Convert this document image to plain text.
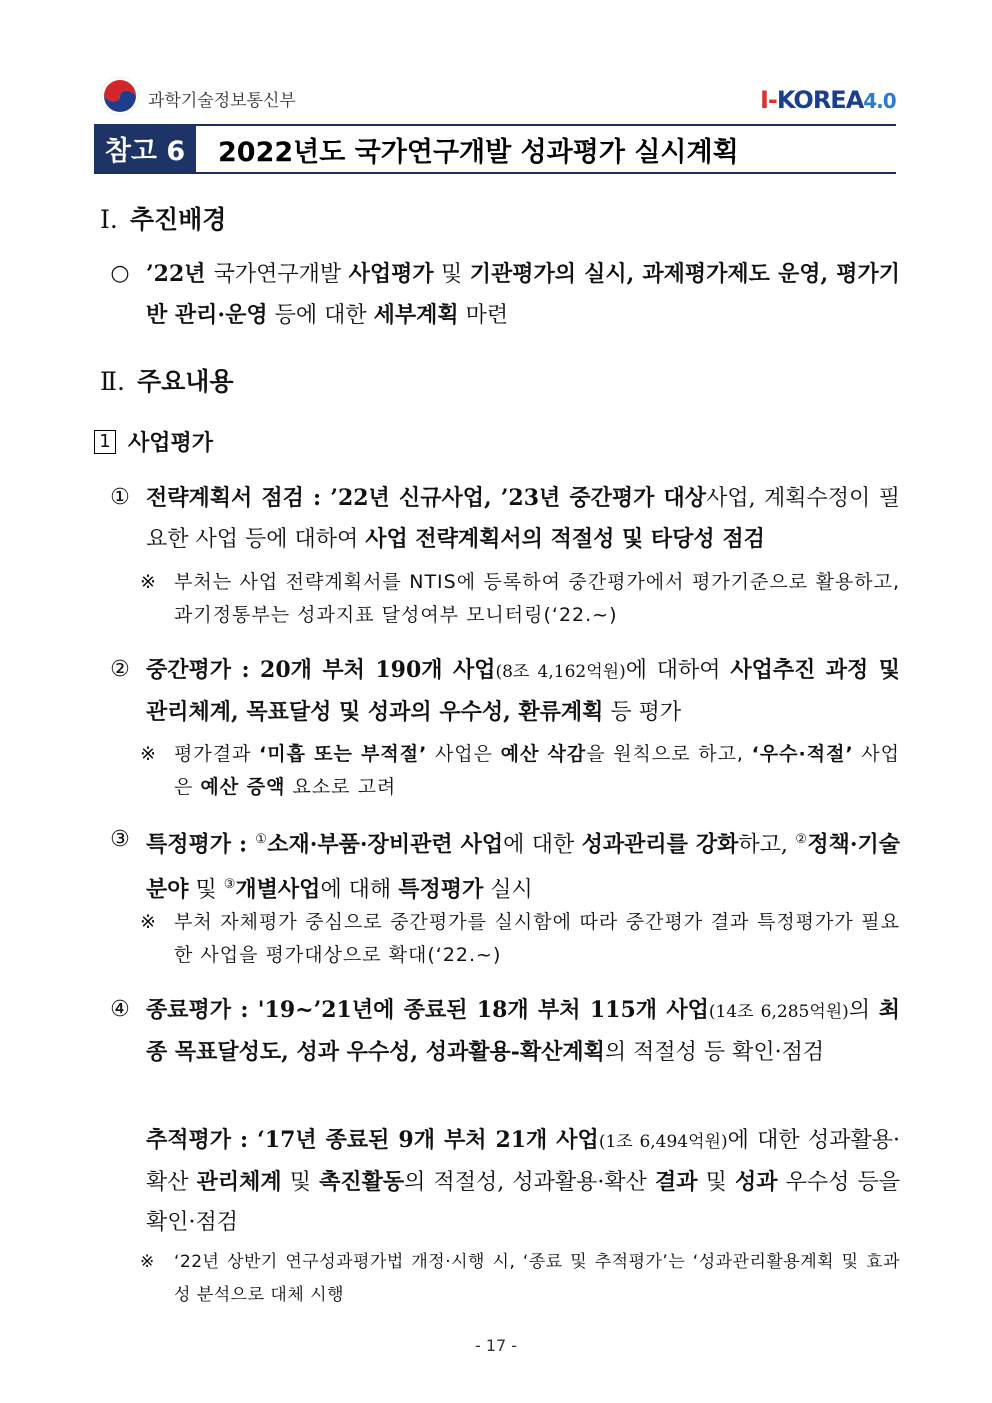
과학기술정보통신부	I-KOREA4.0
참고 6	2022년도 국가연구개발 성과평가 실시계획
Ⅰ. 추진배경
○ ’22년 국가연구개발 사업평가 및 기관평가의 실시, 과제평가제도 운영, 평가기반 관리·운영 등에 대한 세부계획 마련
Ⅱ. 주요내용
1 사업평가
① 전략계획서 점검 : ’22년 신규사업, ’23년 중간평가 대상사업, 계획수정이 필요한 사업 등에 대하여 사업 전략계획서의 적절성 및 타당성 점검
※ 부처는 사업 전략계획서를 NTIS에 등록하여 중간평가에서 평가기준으로 활용하고, 과기정통부는 성과지표 달성여부 모니터링(‘22.~)
② 중간평가 : 20개 부처 190개 사업(8조 4,162억원)에 대하여 사업추진 과정 및 관리체계, 목표달성 및 성과의 우수성, 환류계획 등 평가
※ 평가결과 ‘미흡 또는 부적절’ 사업은 예산 삭감을 원칙으로 하고, ‘우수·적절’ 사업은 예산 증액 요소로 고려
③ 특정평가 : ①소재·부품·장비관련 사업에 대한 성과관리를 강화하고, ②정책·기술분야 및 ③개별사업에 대해 특정평가 실시
※ 부처 자체평가 중심으로 중간평가를 실시함에 따라 중간평가 결과 특정평가가 필요한 사업을 평가대상으로 확대(‘22.~)
④ 종료평가 : '19~’21년에 종료된 18개 부처 115개 사업(14조 6,285억원)의 최종 목표달성도, 성과 우수성, 성과활용-확산계획의 적절성 등 확인·점검
추적평가 : ‘17년 종료된 9개 부처 21개 사업(1조 6,494억원)에 대한 성과활용·확산 관리체계 및 촉진활동의 적절성, 성과활용·확산 결과 및 성과 우수성 등을 확인·점검
※ ‘22년 상반기 연구성과평가법 개정·시행 시, ‘종료 및 추적평가’는 ‘성과관리활용계획 및 효과성 분석으로 대체 시행
- 17 -
